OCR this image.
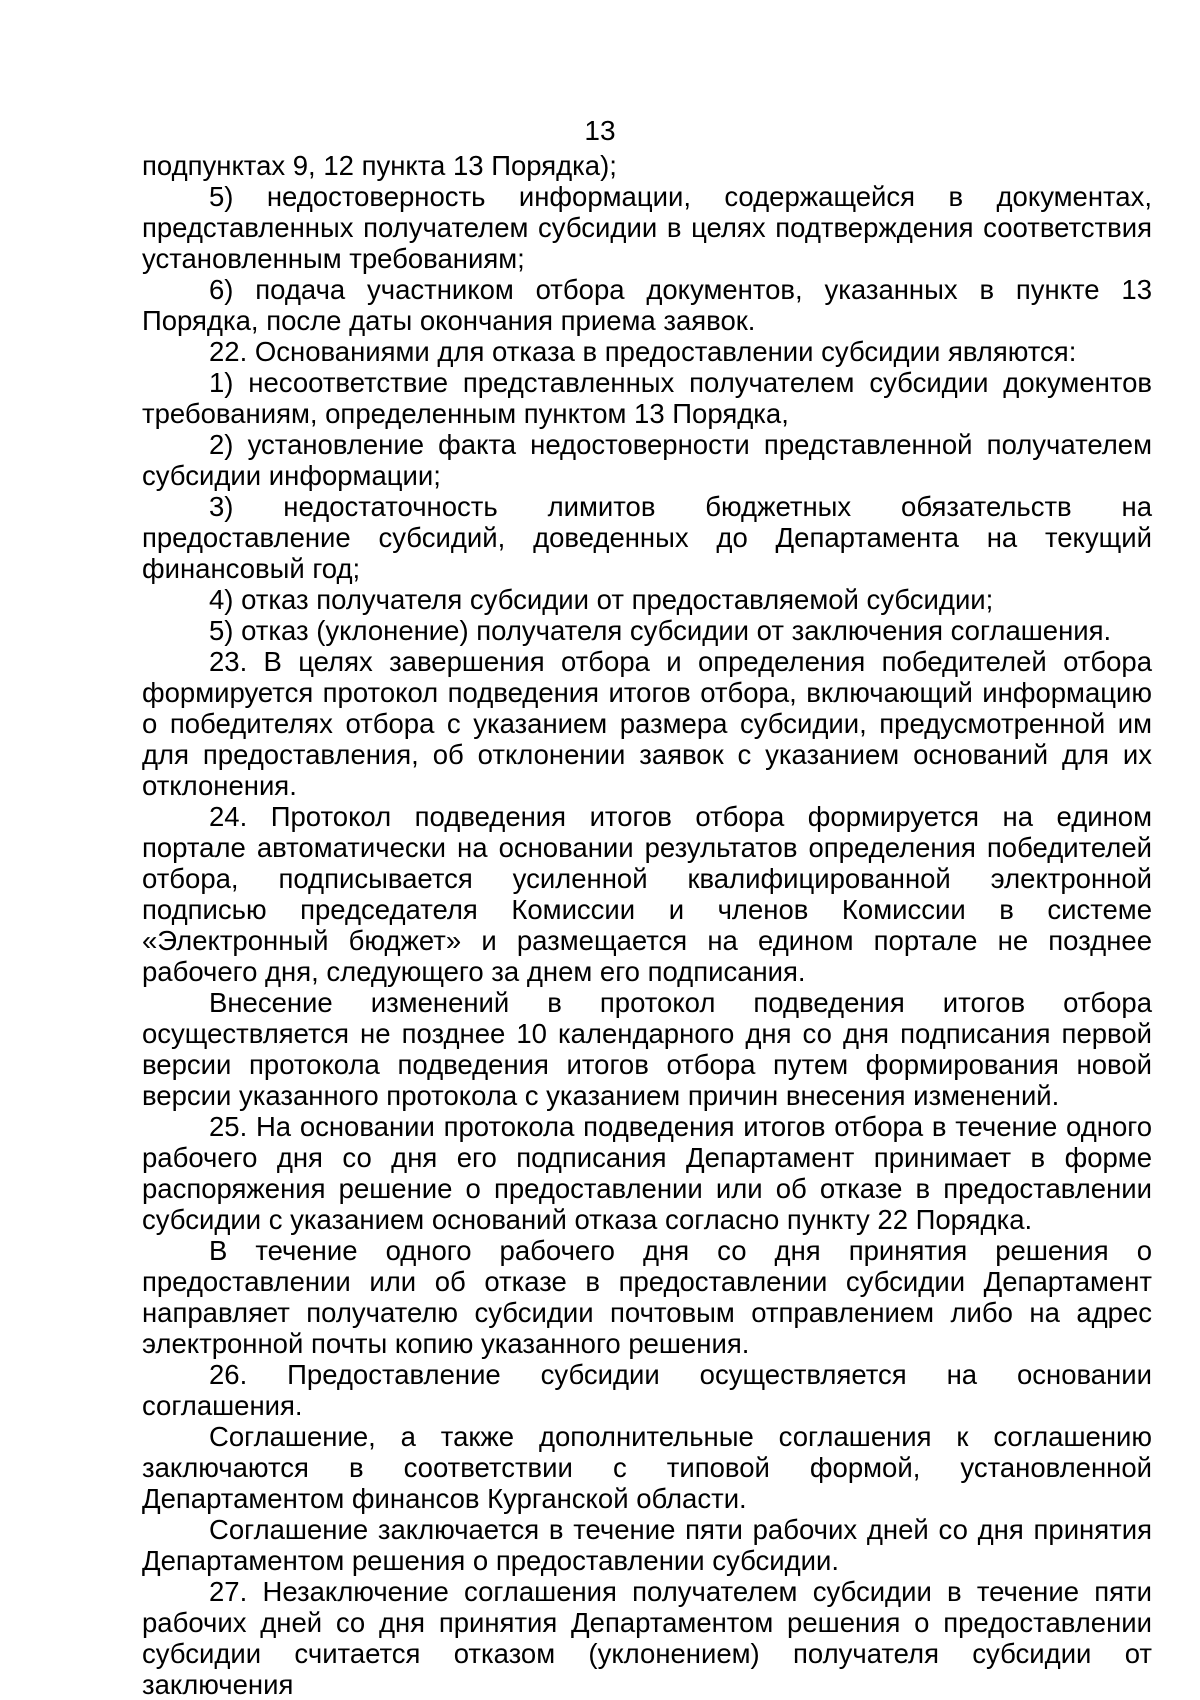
13

подпунктах 9, 12 пункта 13 Порядка);

5) недостоверность информации, содержащейся в документах, представленных получателем субсидии в целях подтверждения соответствия установленным требованиям;

6) подача участником отбора документов, указанных в пункте 13 Порядка, после даты окончания приема заявок.

22. Основаниями для отказа в предоставлении субсидии являются:

1) несоответствие представленных получателем субсидии документов требованиям, определенным пунктом 13 Порядка,

2) установление факта недостоверности представленной получателем субсидии информации;

3) недостаточность лимитов бюджетных обязательств на предоставление субсидий, доведенных до Департамента на текущий финансовый год;

4) отказ получателя субсидии от предоставляемой субсидии;

5) отказ (уклонение) получателя субсидии от заключения соглашения.

23. В целях завершения отбора и определения победителей отбора формируется протокол подведения итогов отбора, включающий информацию о победителях отбора с указанием размера субсидии, предусмотренной им для предоставления, об отклонении заявок с указанием оснований для их отклонения.

24. Протокол подведения итогов отбора формируется на едином портале автоматически на основании результатов определения победителей отбора, подписывается усиленной квалифицированной электронной подписью председателя Комиссии и членов Комиссии в системе «Электронный бюджет» и размещается на едином портале не позднее рабочего дня, следующего за днем его подписания.

Внесение изменений в протокол подведения итогов отбора осуществляется не позднее 10 календарного дня со дня подписания первой версии протокола подведения итогов отбора путем формирования новой версии указанного протокола с указанием причин внесения изменений.

25. На основании протокола подведения итогов отбора в течение одного рабочего дня со дня его подписания Департамент принимает в форме распоряжения решение о предоставлении или об отказе в предоставлении субсидии с указанием оснований отказа согласно пункту 22 Порядка.

В течение одного рабочего дня со дня принятия решения о предоставлении или об отказе в предоставлении субсидии Департамент направляет получателю субсидии почтовым отправлением либо на адрес электронной почты копию указанного решения.

26. Предоставление субсидии осуществляется на основании соглашения.

Соглашение, а также дополнительные соглашения к соглашению заключаются в соответствии с типовой формой, установленной Департаментом финансов Курганской области.

Соглашение заключается в течение пяти рабочих дней со дня принятия Департаментом решения о предоставлении субсидии.

27. Незаключение соглашения получателем субсидии в течение пяти рабочих дней со дня принятия Департаментом решения о предоставлении субсидии считается отказом (уклонением) получателя субсидии от заключения
